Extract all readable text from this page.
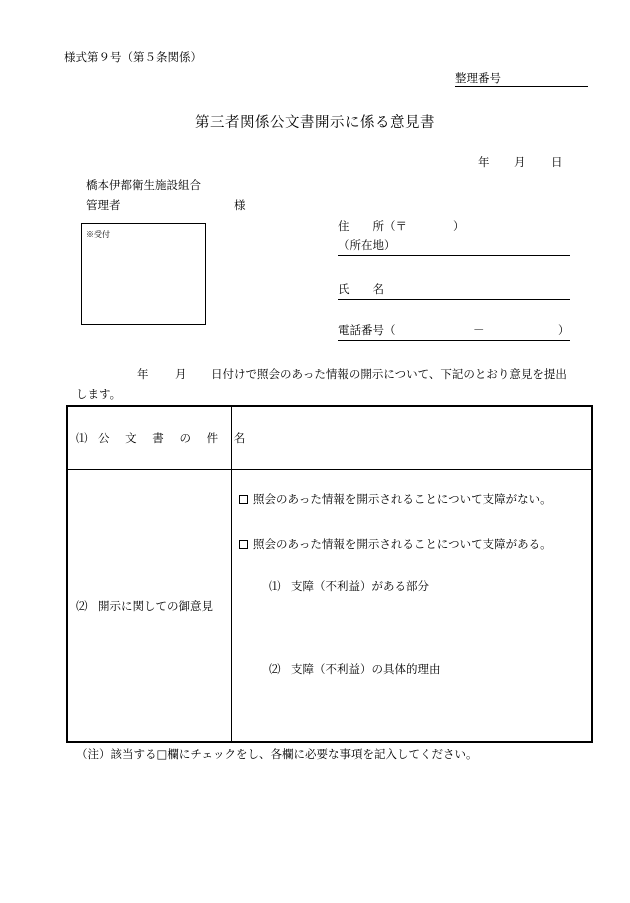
様式第９号（第５条関係）
整理番号
第三者関係公文書開示に係る意見書
年 月 日
橋本伊都衛生施設組合
管理者	様
※受付
住　　所（〒　　　　）
（所在地）
氏　　名
電話番号（	－	）
年 月 日付けで照会のあった情報の開示について、下記のとおり意見を提出
します。
⑴ 公 文 書 の 件 名
⑵ 開示に関しての御意見
照会のあった情報を開示されることについて支障がない。
照会のあった情報を開示されることについて支障がある。
⑴ 支障（不利益）がある部分
⑵ 支障（不利益）の具体的理由
（注）該当する□欄にチェックをし、各欄に必要な事項を記入してください。
